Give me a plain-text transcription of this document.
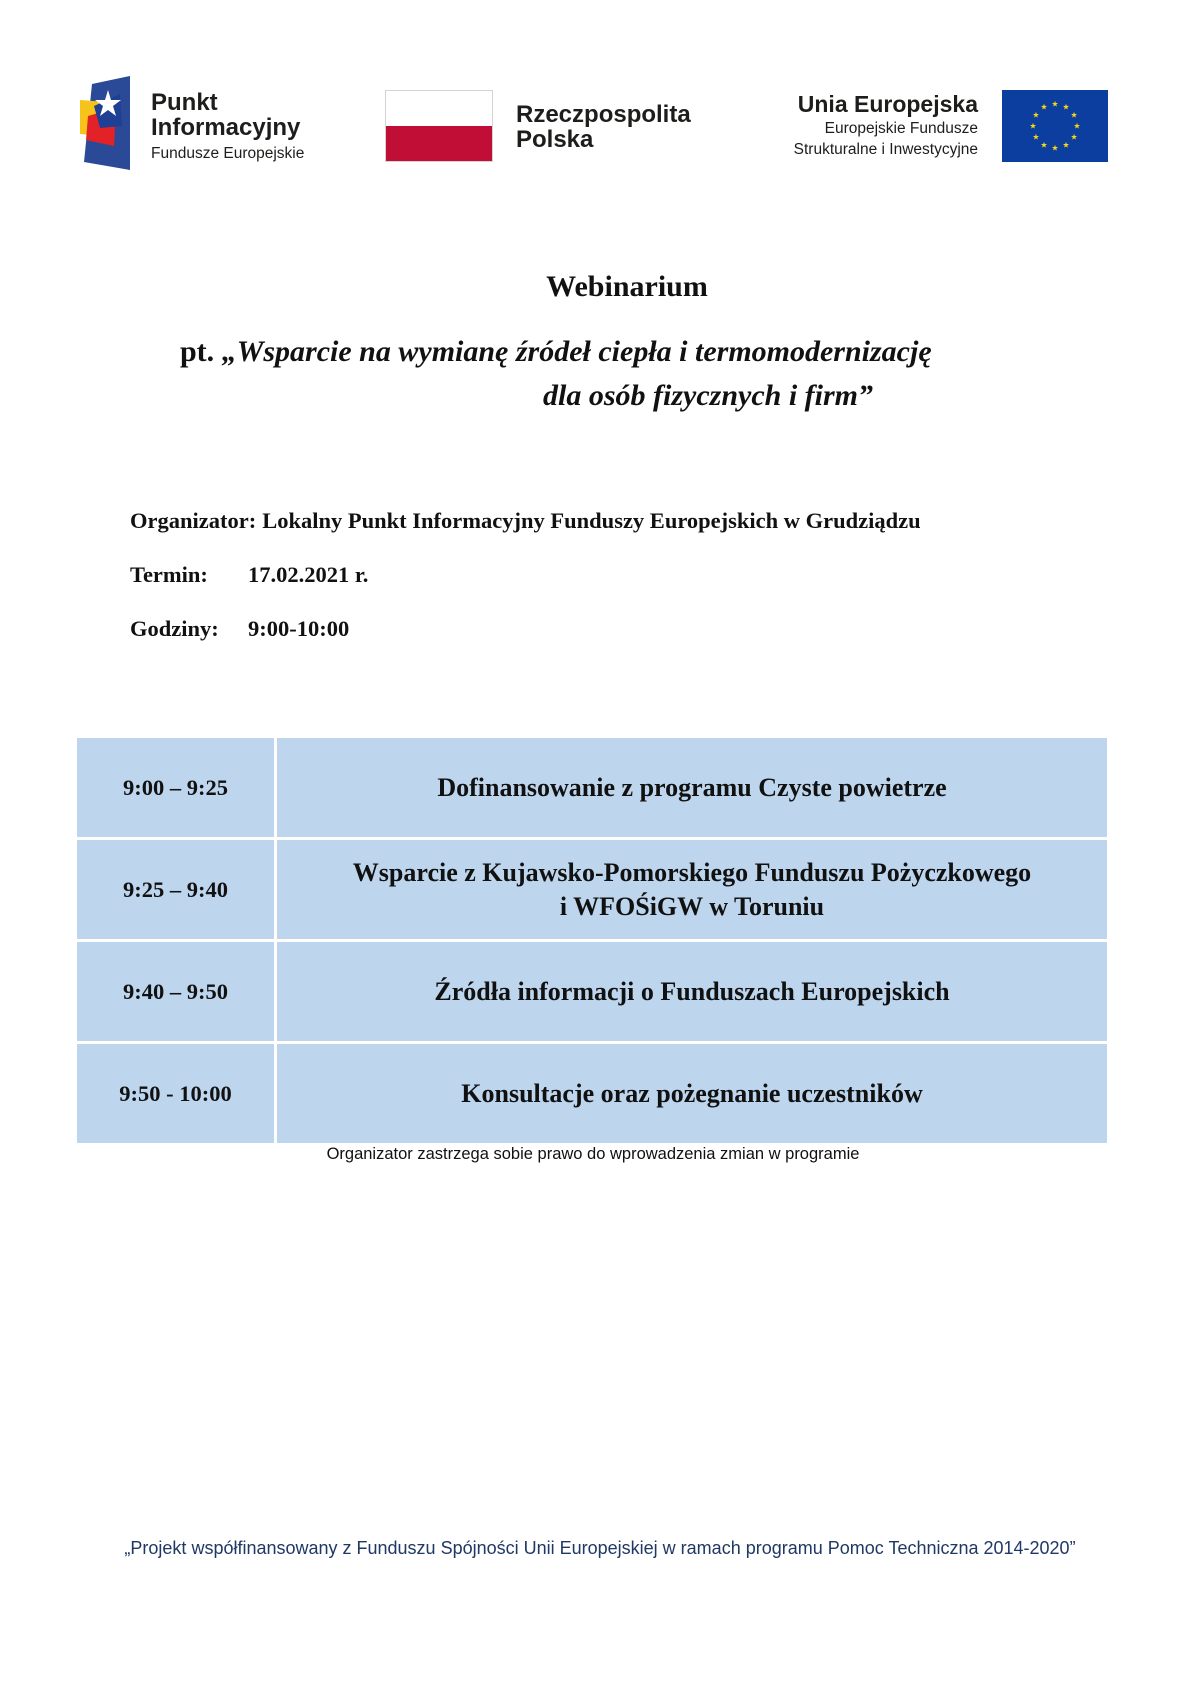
Punkt
Informacyjny
Fundusze Europejskie
Rzeczpospolita
Polska
Unia Europejska
Europejskie Fundusze
Strukturalne i Inwestycyjne
Webinarium
pt. „Wsparcie na wymianę źródeł ciepła i termomodernizację
dla osób fizycznych i firm”
Organizator: Lokalny Punkt Informacyjny Funduszy Europejskich w Grudziądzu
Termin: 17.02.2021 r.
Godziny: 9:00-10:00
9:00 – 9:25	Dofinansowanie z programu Czyste powietrze
9:25 – 9:40	Wsparcie z Kujawsko-Pomorskiego Funduszu Pożyczkowego
i WFOŚiGW w Toruniu

9:40 – 9:50	Źródła informacji o Funduszach Europejskich
9:50 - 10:00	Konsultacje oraz pożegnanie uczestników
Organizator zastrzega sobie prawo do wprowadzenia zmian w programie
„Projekt współfinansowany z Funduszu Spójności Unii Europejskiej w ramach programu Pomoc Techniczna 2014-2020”
